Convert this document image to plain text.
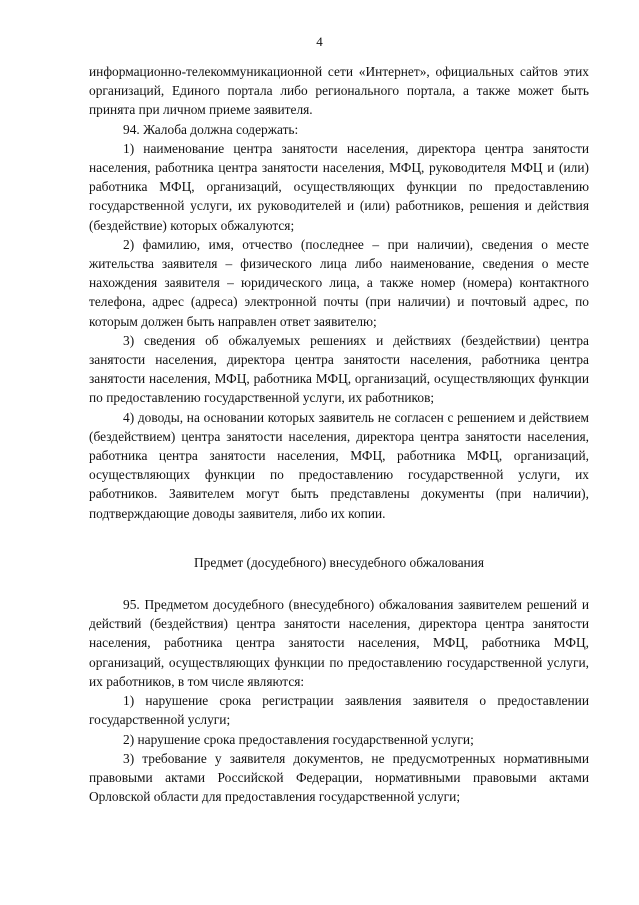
4

информационно-телекоммуникационной сети «Интернет», официальных сайтов этих организаций, Единого портала либо регионального портала, а также может быть принята при личном приеме заявителя.

94. Жалоба должна содержать:

1) наименование центра занятости населения, директора центра занятости населения, работника центра занятости населения, МФЦ, руководителя МФЦ и (или) работника МФЦ, организаций, осуществляющих функции по предоставлению государственной услуги, их руководителей и (или) работников, решения и действия (бездействие) которых обжалуются;

2) фамилию, имя, отчество (последнее – при наличии), сведения о месте жительства заявителя – физического лица либо наименование, сведения о месте нахождения заявителя – юридического лица, а также номер (номера) контактного телефона, адрес (адреса) электронной почты (при наличии) и почтовый адрес, по которым должен быть направлен ответ заявителю;

3) сведения об обжалуемых решениях и действиях (бездействии) центра занятости населения, директора центра занятости населения, работника центра занятости населения, МФЦ, работника МФЦ, организаций, осуществляющих функции по предоставлению государственной услуги, их работников;

4) доводы, на основании которых заявитель не согласен с решением и действием (бездействием) центра занятости населения, директора центра занятости населения, работника центра занятости населения, МФЦ, работника МФЦ, организаций, осуществляющих функции по предоставлению государственной услуги, их работников. Заявителем могут быть представлены документы (при наличии), подтверждающие доводы заявителя, либо их копии.

Предмет (досудебного) внесудебного обжалования

95. Предметом досудебного (внесудебного) обжалования заявителем решений и действий (бездействия) центра занятости населения, директора центра занятости населения, работника центра занятости населения, МФЦ, работника МФЦ, организаций, осуществляющих функции по предоставлению государственной услуги, их работников, в том числе являются:

1) нарушение срока регистрации заявления заявителя о предоставлении государственной услуги;

2) нарушение срока предоставления государственной услуги;

3) требование у заявителя документов, не предусмотренных нормативными правовыми актами Российской Федерации, нормативными правовыми актами Орловской области для предоставления государственной услуги;
